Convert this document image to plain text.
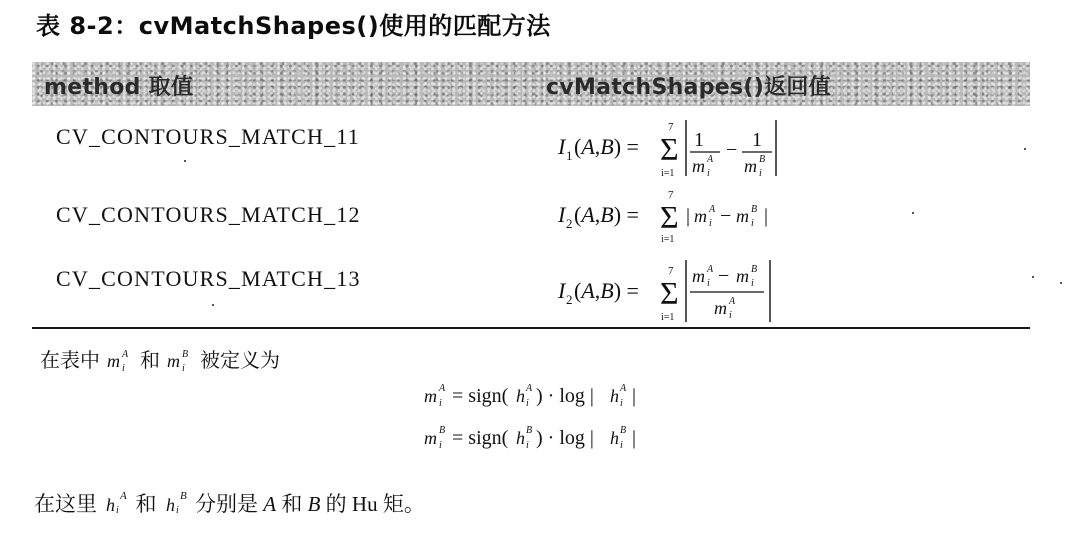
表 8-2：cvMatchShapes()使用的匹配方法
method 取值	cvMatchShapes()返回值
CV_CONTOURS_MATCH_11	I 1 (A,B) = Σ
7
i=1
1
m A
i
− 1
m B
i
CV_CONTOURS_MATCH_12	I 2 (A,B) = Σ
7
i=1
| m A
i − m B
i |
CV_CONTOURS_MATCH_13	I 2 (A,B) = Σ
7
i=1
m A
i − m B
i
m A
i
在表中 m A
i 和 m B
i 被定义为
m A
i = sign( h A
i ) · log | h A
i |
m B
i = sign( h B
i ) · log | h B
i |
在这里 h i
A 和 h i
B 分别是 A 和 B 的 Hu 矩。
